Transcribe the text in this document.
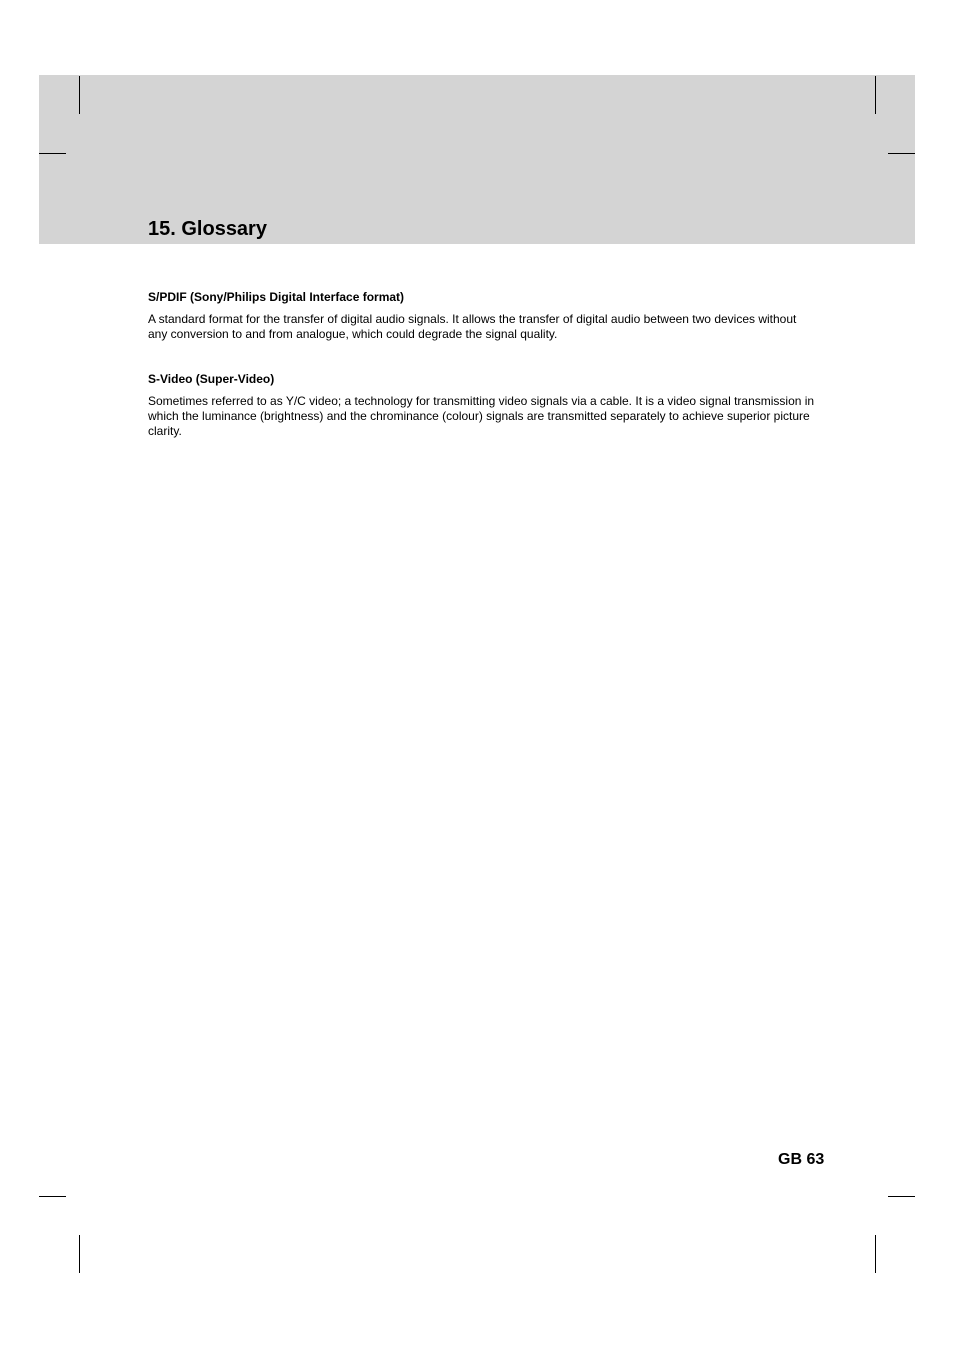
15. Glossary

S/PDIF (Sony/Philips Digital Interface format)

A standard format for the transfer of digital audio signals. It allows the transfer of digital audio between two devices without any conversion to and from analogue, which could degrade the signal quality.

S-Video (Super-Video)

Sometimes referred to as Y/C video; a technology for transmitting video signals via a cable. It is a video signal transmission in which the luminance (brightness) and the chrominance (colour) signals are transmitted separately to achieve superior picture clarity.

GB 63
